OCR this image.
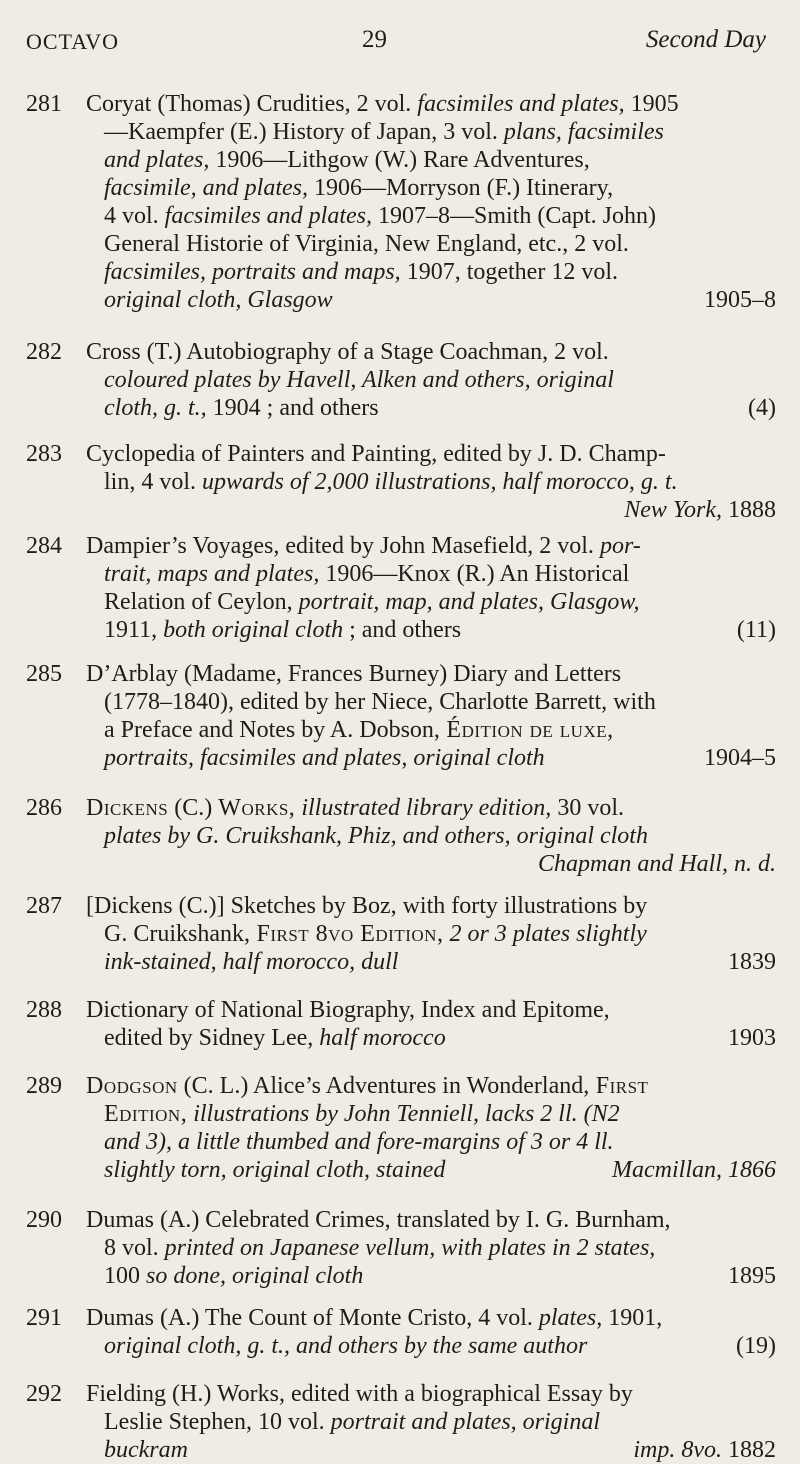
OCTAVO	29	Second Day
281	Coryat (Thomas) Crudities, 2 vol. facsimiles and plates, 1905
—Kaempfer (E.) History of Japan, 3 vol. plans, facsimiles
and plates, 1906—Lithgow (W.) Rare Adventures,
facsimile, and plates, 1906—Morryson (F.) Itinerary,
4 vol. facsimiles and plates, 1907–8—Smith (Capt. John)
General Historie of Virginia, New England, etc., 2 vol.
facsimiles, portraits and maps, 1907, together 12 vol.
original cloth, Glasgow	1905–8
282	Cross (T.) Autobiography of a Stage Coachman, 2 vol.
coloured plates by Havell, Alken and others, original
cloth, g. t., 1904 ; and others	(4)
283	Cyclopedia of Painters and Painting, edited by J. D. Champ-
lin, 4 vol. upwards of 2,000 illustrations, half morocco, g. t.
New York, 1888
284	Dampier’s Voyages, edited by John Masefield, 2 vol. por-
trait, maps and plates, 1906—Knox (R.) An Historical
Relation of Ceylon, portrait, map, and plates, Glasgow,
1911, both original cloth ; and others	(11)
285	D’Arblay (Madame, Frances Burney) Diary and Letters
(1778–1840), edited by her Niece, Charlotte Barrett, with
a Preface and Notes by A. Dobson, Édition de luxe,
portraits, facsimiles and plates, original cloth	1904–5
286	Dickens (C.) Works, illustrated library edition, 30 vol.
plates by G. Cruikshank, Phiz, and others, original cloth
Chapman and Hall, n. d.
287	[Dickens (C.)] Sketches by Boz, with forty illustrations by
G. Cruikshank, First 8vo Edition, 2 or 3 plates slightly
ink-stained, half morocco, dull	1839
288	Dictionary of National Biography, Index and Epitome,
edited by Sidney Lee, half morocco	1903
289	Dodgson (C. L.) Alice’s Adventures in Wonderland, First
Edition, illustrations by John Tenniell, lacks 2 ll. (N2
and 3), a little thumbed and fore-margins of 3 or 4 ll.
slightly torn, original cloth, stained	Macmillan, 1866
290	Dumas (A.) Celebrated Crimes, translated by I. G. Burnham,
8 vol. printed on Japanese vellum, with plates in 2 states,
100 so done, original cloth	1895
291	Dumas (A.) The Count of Monte Cristo, 4 vol. plates, 1901,
original cloth, g. t., and others by the same author	(19)
292	Fielding (H.) Works, edited with a biographical Essay by
Leslie Stephen, 10 vol. portrait and plates, original
buckram	imp. 8vo. 1882
